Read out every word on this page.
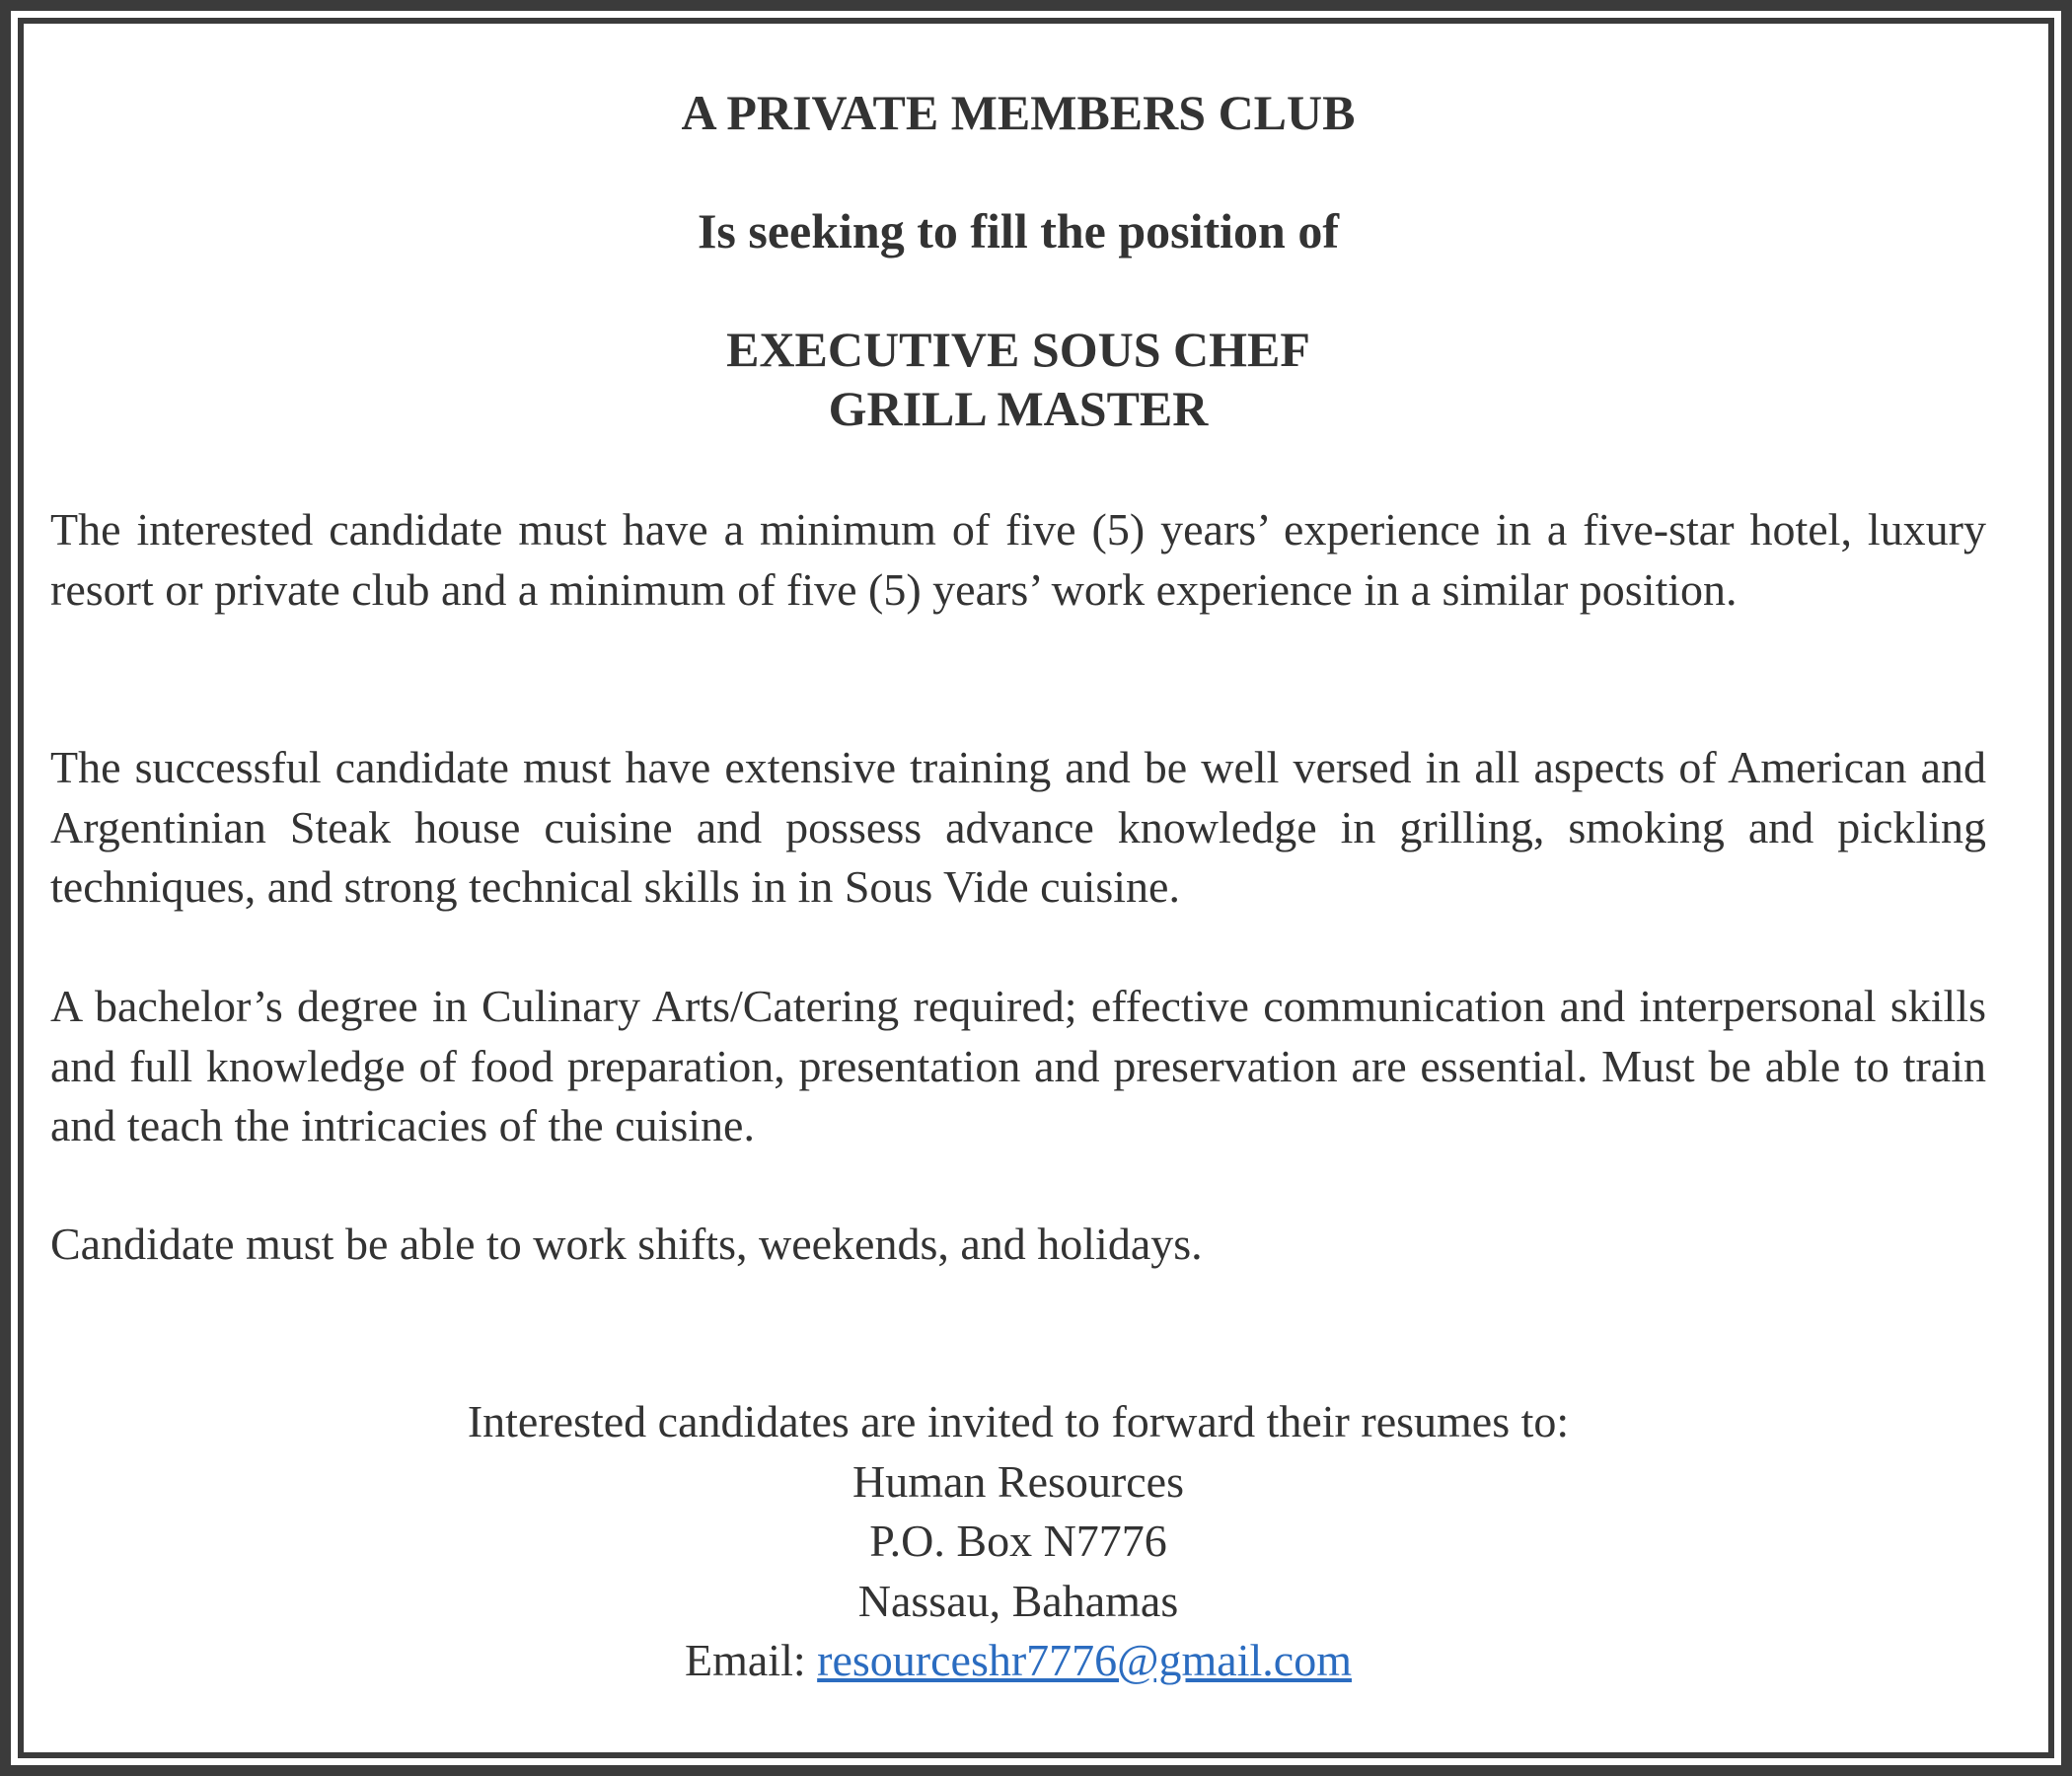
A PRIVATE MEMBERS CLUB
Is seeking to fill the position of
EXECUTIVE SOUS CHEF
GRILL MASTER

The interested candidate must have a minimum of five (5) years’ experience in a five-star hotel, luxury resort or private club and a minimum of five (5) years’ work experience in a similar position.

The successful candidate must have extensive training and be well versed in all aspects of American and Argentinian Steak house cuisine and possess advance knowledge in grilling, smoking and pickling techniques, and strong technical skills in in Sous Vide cuisine.

A bachelor’s degree in Culinary Arts/Catering required; effective communication and interpersonal skills and full knowledge of food preparation, presentation and preservation are essential. Must be able to train and teach the intricacies of the cuisine.

Candidate must be able to work shifts, weekends, and holidays.

Interested candidates are invited to forward their resumes to:
Human Resources
P.O. Box N7776
Nassau, Bahamas
Email: resourceshr7776@gmail.com
